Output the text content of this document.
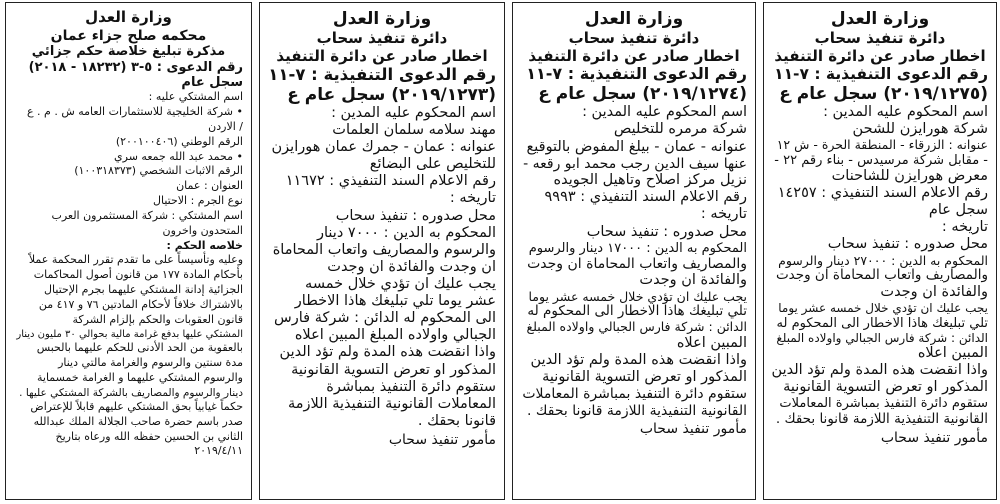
وزارة العدل
دائرة تنفيذ سحاب
اخطار صادر عن دائرة التنفيذ
رقم الدعوى التنفيذية : ٧-١١
(٢٠١٩/١٢٧٥) سجل عام ع
اسم المحكوم عليه المدين :
شركة هورايزن للشحن
عنوانه : الزرقاء - المنطقة الحرة - ش ١٢
- مقابل شركة مرسيدس - بناء رقم ٢٢ -
معرض هورايزن للشاحنات
رقم الاعلام السند التنفيذي : ١٤٢٥٧
سجل عام
تاريخه :
محل صدوره : تنفيذ سحاب
المحكوم به الدين : ٢٧٠٠٠ دينار والرسوم
والمصاريف واتعاب المحاماة ان وجدت
والفائدة ان وجدت
يجب عليك ان تؤدي خلال خمسه عشر يوما
تلي تبليغك هاذا الاخطار الى المحكوم له
الدائن : شركة فارس الجبالي واولاده المبلغ
المبين اعلاه
واذا انقضت هذه المدة ولم تؤد الدين
المذكور او تعرض التسوية القانونية
ستقوم دائرة التنفيذ بمباشرة المعاملات
القانونية التنفيذية اللازمة قانونا بحقك .
مأمور تنفيذ سحاب
وزارة العدل
دائرة تنفيذ سحاب
اخطار صادر عن دائرة التنفيذ
رقم الدعوى التنفيذية : ٧-١١
(٢٠١٩/١٢٧٤) سجل عام ع
اسم المحكوم عليه المدين :
شركة مرمره للتخليص
عنوانه - عمان - بيلغ المفوض بالتوقيع
عنها سيف الدين رجب محمد ابو رقعه -
نزيل مركز اصلاح وتاهيل الجويده
رقم الاعلام السند التنفيذي : ٩٩٩٣
تاريخه :
محل صدوره : تنفيذ سحاب
المحكوم به الدين : ١٧٠٠٠ دينار والرسوم
والمصاريف واتعاب المحاماة ان وجدت
والفائدة ان وجدت
يجب عليك ان تؤدي خلال خمسه عشر يوما
تلي تبليغك هاذا الاخطار الى المحكوم له
الدائن : شركة فارس الجبالي واولاده المبلغ
المبين اعلاه
واذا انقضت هذه المدة ولم تؤد الدين
المذكور او تعرض التسوية القانونية
ستقوم دائرة التنفيذ بمباشرة المعاملات
القانونية التنفيذية اللازمة قانونا بحقك .
مأمور تنفيذ سحاب
وزارة العدل
دائرة تنفيذ سحاب
اخطار صادر عن دائرة التنفيذ
رقم الدعوى التنفيذية : ٧-١١
(٢٠١٩/١٢٧٣) سجل عام ع
اسم المحكوم عليه المدين :
مهند سلامه سلمان العلمات
عنوانه : عمان - جمرك عمان هورايزن
للتخليص على البضائع
رقم الاعلام السند التنفيذي : ١١٦٧٢
تاريخه :
محل صدوره : تنفيذ سحاب
المحكوم به الدين : ٧٠٠٠ دينار
والرسوم والمصاريف واتعاب المحاماة
ان وجدت والفائدة ان وجدت
يجب عليك ان تؤدي خلال خمسه
عشر يوما تلي تبليغك هاذا الاخطار
الى المحكوم له الدائن : شركة فارس
الجبالي واولاده المبلغ المبين اعلاه
واذا انقضت هذه المدة ولم تؤد الدين
المذكور او تعرض التسوية القانونية
ستقوم دائرة التنفيذ بمباشرة
المعاملات القانونية التنفيذية اللازمة
قانونا بحقك .
مأمور تنفيذ سحاب
وزارة العدل
محكمه صلح جزاء عمان
مذكرة تبليغ خلاصة حكم جزائي
رقم الدعوى : ٥-٣ (١٨٢٣٢ - ٢٠١٨)
سجل عام
اسم المشتكي عليه :
• شركة الخليجية للاستثمارات العامه ش . م . ع
/ الاردن
الرقم الوطني (٢٠٠١٠٠٤٠٦)
• محمد عبد الله جمعه سري
الرقم الاثبات الشخصي (١٠٠٣١٨٣٧٣)
العنوان : عمان
نوع الجرم : الاحتيال
اسم المشتكي : شركة المستثمرون العرب
المتحدون واخرون
خلاصه الحكم :
وعليه وتأسيساً على ما تقدم تقرر المحكمة عملاً
بأحكام المادة ١٧٧ من قانون أصول المحاكمات
الجزائية إدانة المشتكي عليهما بجرم الإحتيال
بالاشتراك خلافاً لأحكام المادتين ٧٦ و ٤١٧ من
قانون العقوبات والحكم بإلزام الشركة
المشتكي عليها بدفع غرامة مالية بحوالي ٣٠ مليون دينار
بالعقوبة من الحد الأدنى للحكم عليهما بالحبس
مدة سنتين والرسوم والغرامة مالتي دينار
والرسوم المشتكي عليهما و الغرامة خمسماية
دينار والرسوم والمصاريف بالشركة المشتكي عليها .
حكماً غيابياً بحق المشتكي عليهم قابلاً للإعتراض
صدر باسم حضرة صاحب الجلالة الملك عبدالله
الثاني بن الحسين حفظه الله ورعاه بتاريخ
٢٠١٩/٤/١١
